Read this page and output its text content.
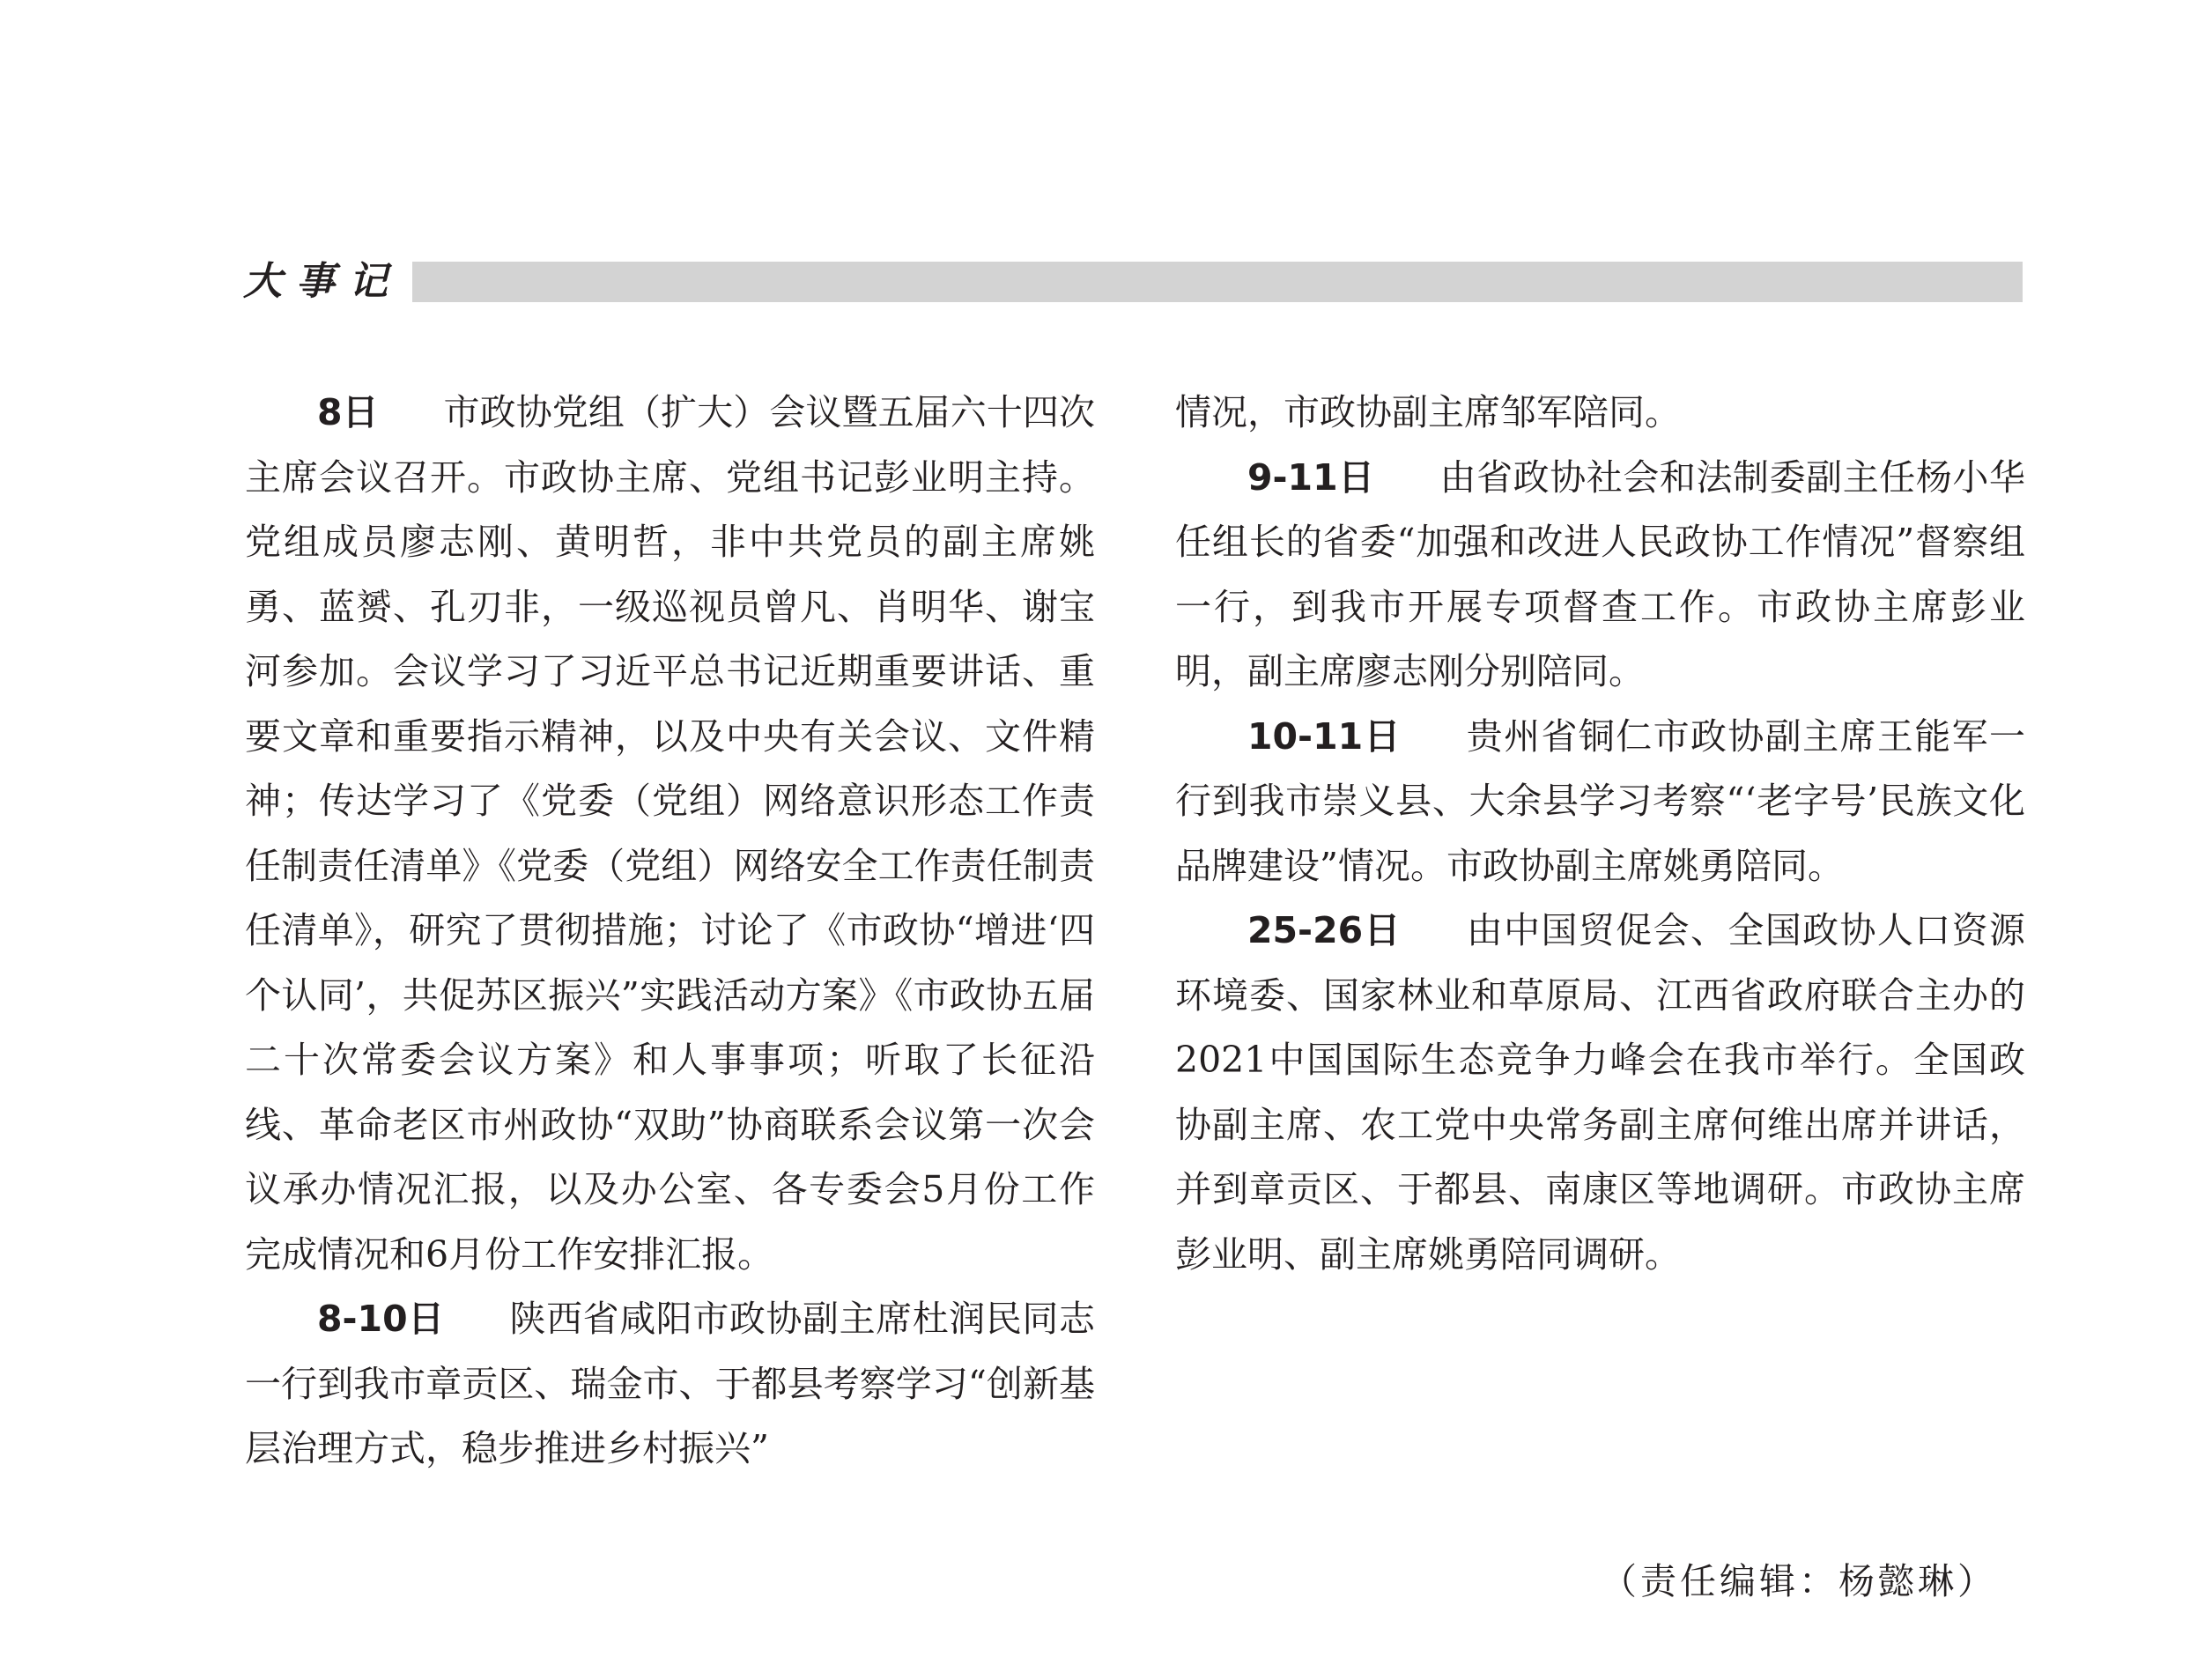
大事记

8日 市政协党组（扩大）会议暨五届六十四次主席会议召开。市政协主席、党组书记彭业明主持。党组成员廖志刚、黄明哲，非中共党员的副主席姚勇、蓝赟、孔刃非，一级巡视员曾凡、肖明华、谢宝河参加。会议学习了习近平总书记近期重要讲话、重要文章和重要指示精神，以及中央有关会议、文件精神；传达学习了《党委（党组）网络意识形态工作责任制责任清单》《党委（党组）网络安全工作责任制责任清单》，研究了贯彻措施；讨论了《市政协“增进‘四个认同’，共促苏区振兴”实践活动方案》《市政协五届二十次常委会议方案》和人事事项；听取了长征沿线、革命老区市州政协“双助”协商联系会议第一次会议承办情况汇报，以及办公室、各专委会5月份工作完成情况和6月份工作安排汇报。

8-10日 陕西省咸阳市政协副主席杜润民同志一行到我市章贡区、瑞金市、于都县考察学习“创新基层治理方式，稳步推进乡村振兴”

情况，市政协副主席邹军陪同。

9-11日 由省政协社会和法制委副主任杨小华任组长的省委“加强和改进人民政协工作情况”督察组一行，到我市开展专项督查工作。市政协主席彭业明，副主席廖志刚分别陪同。

10-11日 贵州省铜仁市政协副主席王能军一行到我市崇义县、大余县学习考察“‘老字号’民族文化品牌建设”情况。市政协副主席姚勇陪同。

25-26日 由中国贸促会、全国政协人口资源环境委、国家林业和草原局、江西省政府联合主办的2021中国国际生态竞争力峰会在我市举行。全国政协副主席、农工党中央常务副主席何维出席并讲话，并到章贡区、于都县、南康区等地调研。市政协主席彭业明、副主席姚勇陪同调研。

（责任编辑：杨懿琳）
